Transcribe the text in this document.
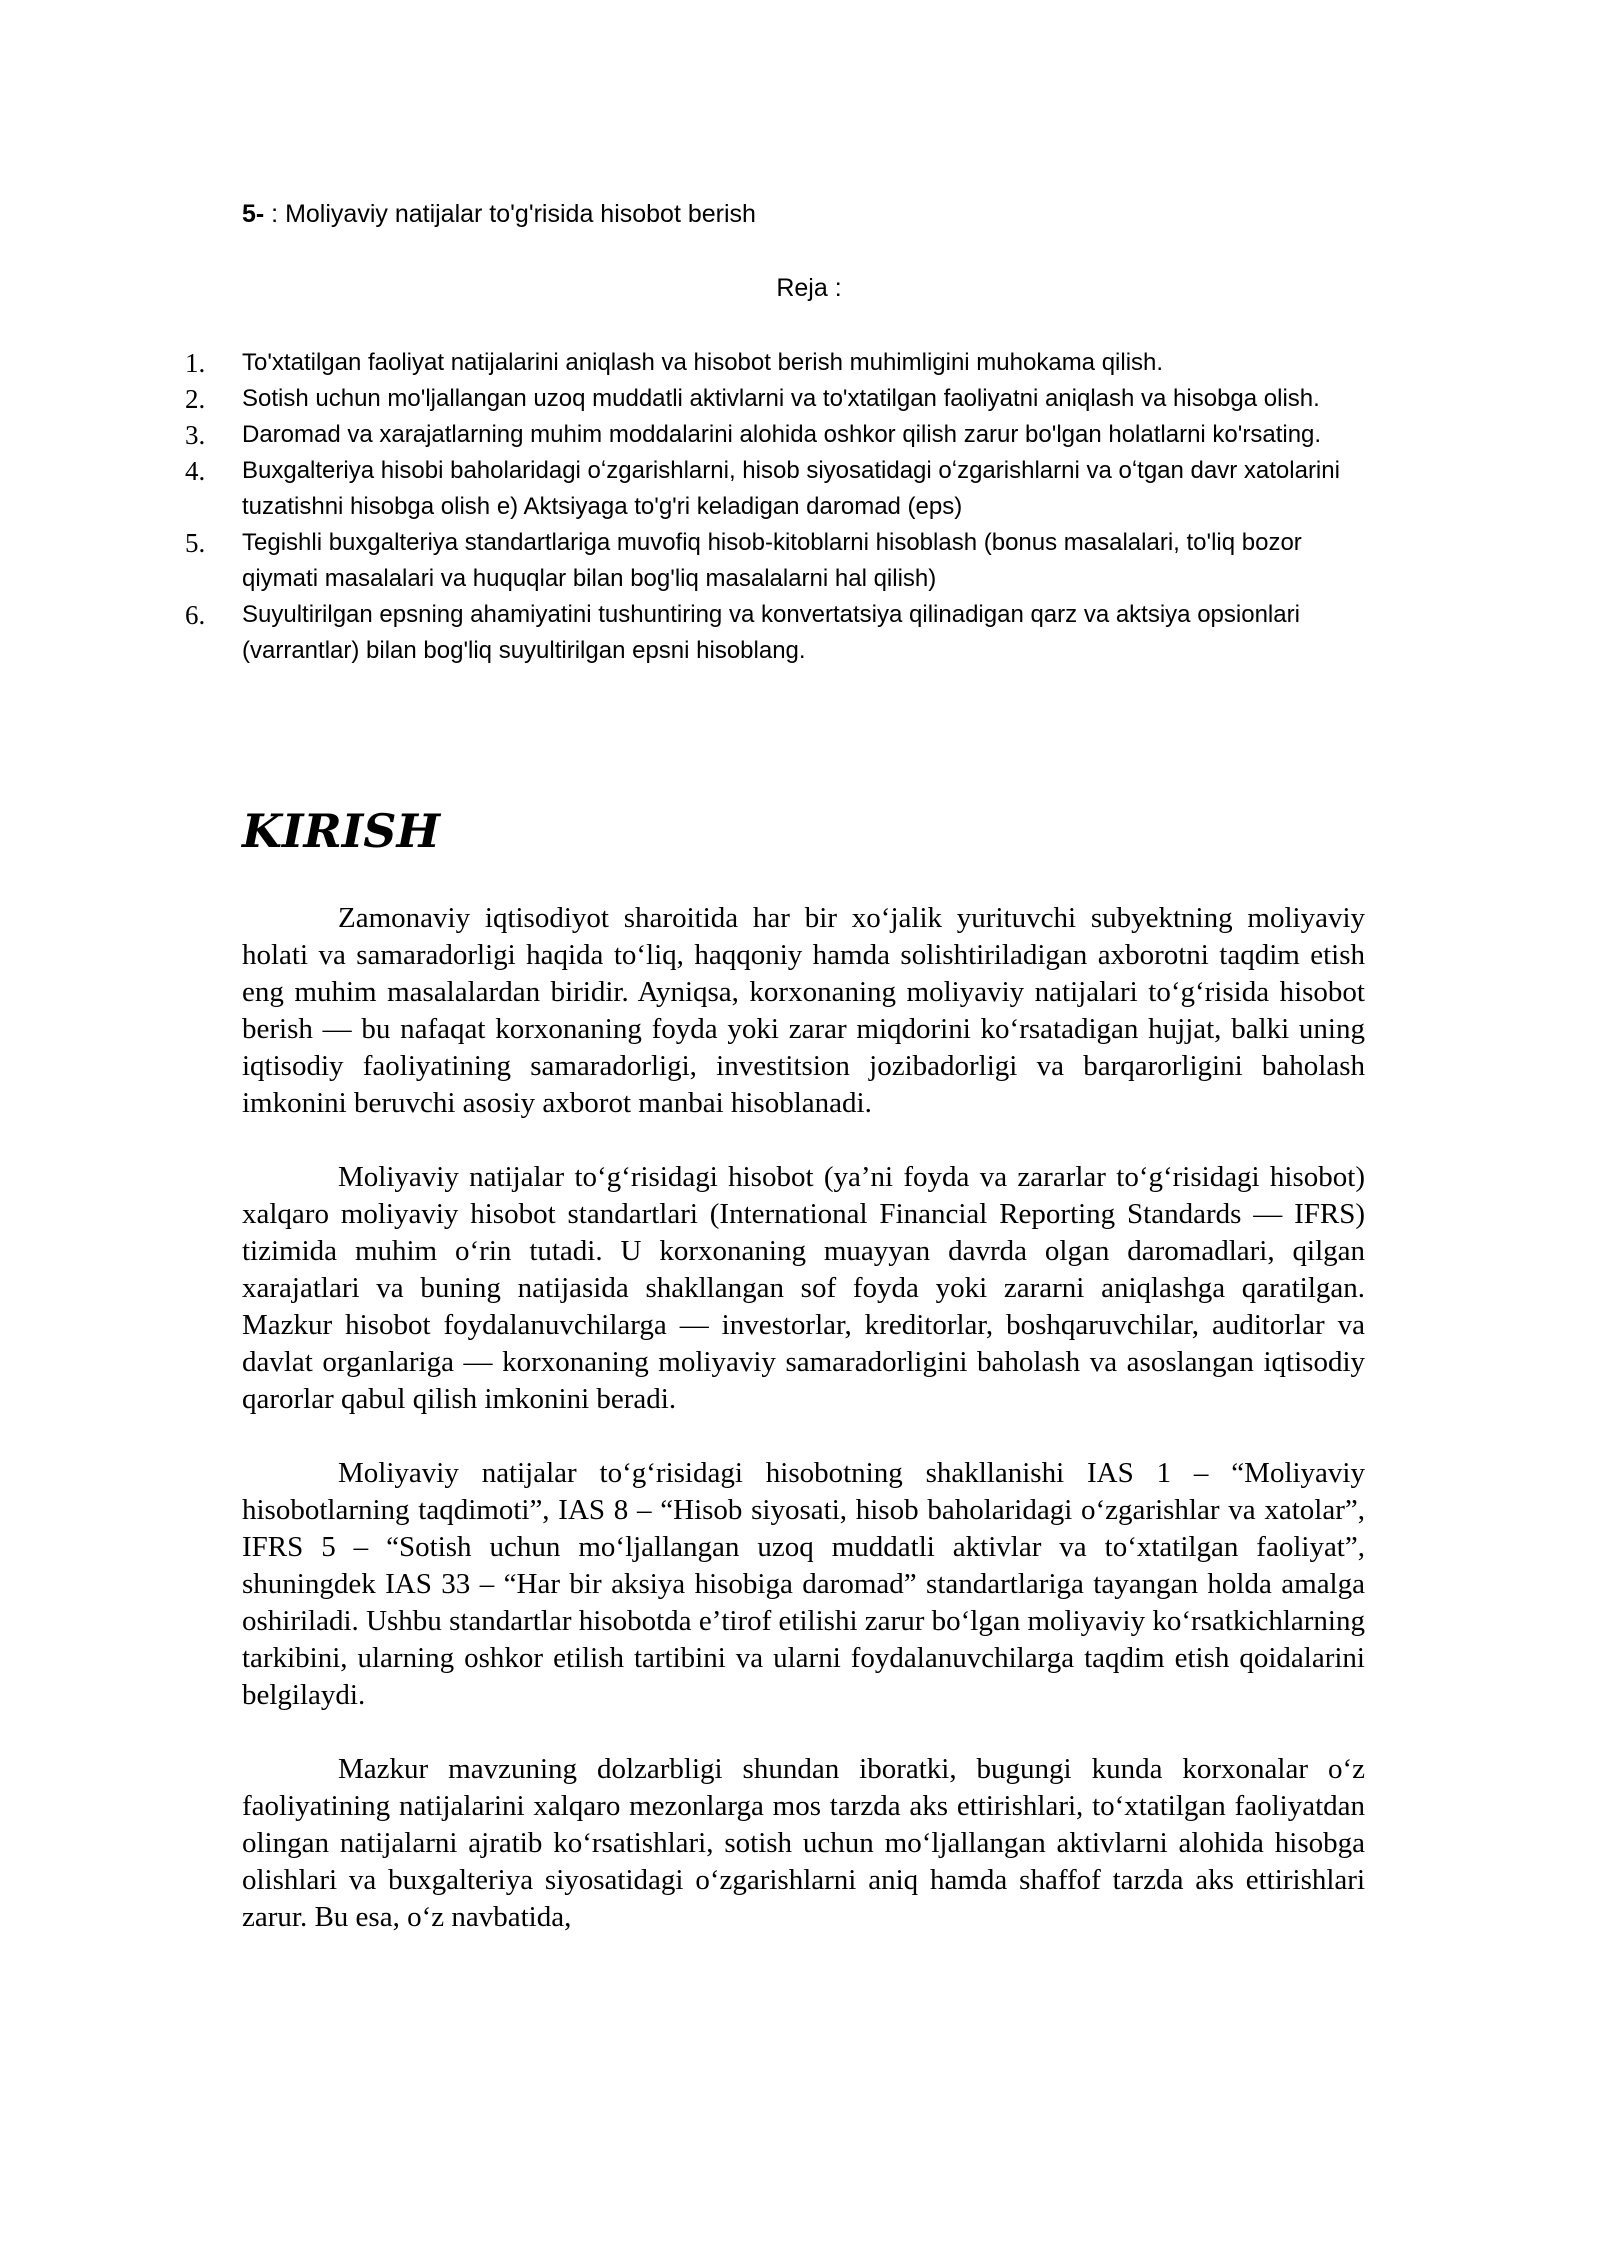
5- : Moliyaviy natijalar to'g'risida hisobot berish
Reja :
1. To'xtatilgan faoliyat natijalarini aniqlash va hisobot berish muhimligini muhokama qilish.
2. Sotish uchun mo'ljallangan uzoq muddatli aktivlarni va to'xtatilgan faoliyatni aniqlash va hisobga olish.
3. Daromad va xarajatlarning muhim moddalarini alohida oshkor qilish zarur bo'lgan holatlarni ko'rsating.
4. Buxgalteriya hisobi baholaridagi oʻzgarishlarni, hisob siyosatidagi oʻzgarishlarni va oʻtgan davr xatolarini tuzatishni hisobga olish e) Aktsiyaga to'g'ri keladigan daromad (eps)
5. Tegishli buxgalteriya standartlariga muvofiq hisob-kitoblarni hisoblash (bonus masalalari, to'liq bozor qiymati masalalari va huquqlar bilan bog'liq masalalarni hal qilish)
6. Suyultirilgan epsning ahamiyatini tushuntiring va konvertatsiya qilinadigan qarz va aktsiya opsionlari (varrantlar) bilan bog'liq suyultirilgan epsni hisoblang.
KIRISH

Zamonaviy iqtisodiyot sharoitida har bir xoʻjalik yurituvchi subyektning moliyaviy holati va samaradorligi haqida toʻliq, haqqoniy hamda solishtiriladigan axborotni taqdim etish eng muhim masalalardan biridir. Ayniqsa, korxonaning moliyaviy natijalari toʻgʻrisida hisobot berish — bu nafaqat korxonaning foyda yoki zarar miqdorini koʻrsatadigan hujjat, balki uning iqtisodiy faoliyatining samaradorligi, investitsion jozibadorligi va barqarorligini baholash imkonini beruvchi asosiy axborot manbai hisoblanadi.

Moliyaviy natijalar toʻgʻrisidagi hisobot (yaʼni foyda va zararlar toʻgʻrisidagi hisobot) xalqaro moliyaviy hisobot standartlari (International Financial Reporting Standards — IFRS) tizimida muhim oʻrin tutadi. U korxonaning muayyan davrda olgan daromadlari, qilgan xarajatlari va buning natijasida shakllangan sof foyda yoki zararni aniqlashga qaratilgan. Mazkur hisobot foydalanuvchilarga — investorlar, kreditorlar, boshqaruvchilar, auditorlar va davlat organlariga — korxonaning moliyaviy samaradorligini baholash va asoslangan iqtisodiy qarorlar qabul qilish imkonini beradi.

Moliyaviy natijalar toʻgʻrisidagi hisobotning shakllanishi IAS 1 – “Moliyaviy hisobotlarning taqdimoti”, IAS 8 – “Hisob siyosati, hisob baholaridagi oʻzgarishlar va xatolar”, IFRS 5 – “Sotish uchun moʻljallangan uzoq muddatli aktivlar va toʻxtatilgan faoliyat”, shuningdek IAS 33 – “Har bir aksiya hisobiga daromad” standartlariga tayangan holda amalga oshiriladi. Ushbu standartlar hisobotda eʼtirof etilishi zarur boʻlgan moliyaviy koʻrsatkichlarning tarkibini, ularning oshkor etilish tartibini va ularni foydalanuvchilarga taqdim etish qoidalarini belgilaydi.

Mazkur mavzuning dolzarbligi shundan iboratki, bugungi kunda korxonalar oʻz faoliyatining natijalarini xalqaro mezonlarga mos tarzda aks ettirishlari, toʻxtatilgan faoliyatdan olingan natijalarni ajratib koʻrsatishlari, sotish uchun moʻljallangan aktivlarni alohida hisobga olishlari va buxgalteriya siyosatidagi oʻzgarishlarni aniq hamda shaffof tarzda aks ettirishlari zarur. Bu esa, oʻz navbatida,
